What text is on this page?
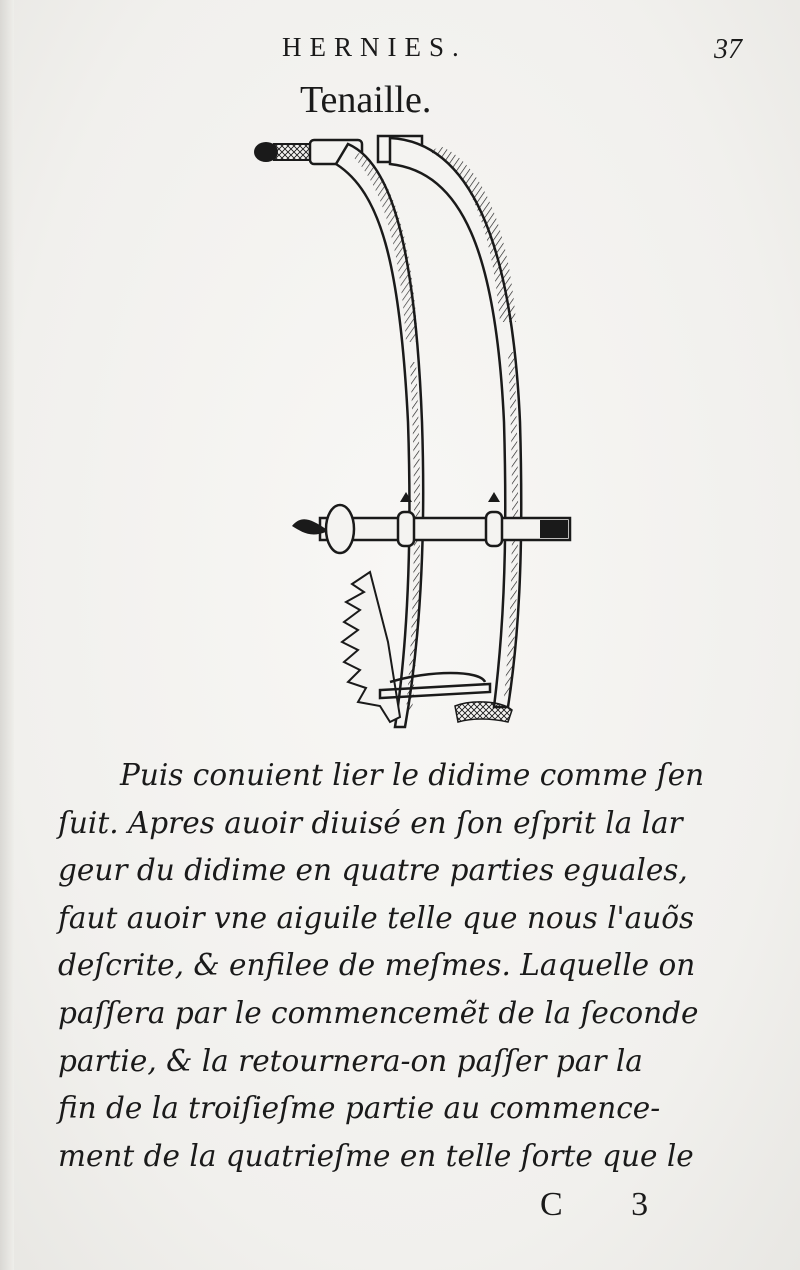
HERNIES.	37
Tenaille.
Puis conuient lier le didime comme ſen
ſuit. Apres auoir diuisé en ſon eſprit la lar
geur du didime en quatre parties eguales,
faut auoir vne aiguile telle que nous l'auõs
deſcrite, & enfilee de meſmes. Laquelle on
paſſera par le commencemẽt de la ſeconde
partie, & la retournera-on paſſer par la
fin de la troiſieſme partie au commence-
ment de la quatrieſme en telle ſorte que le
C 3
